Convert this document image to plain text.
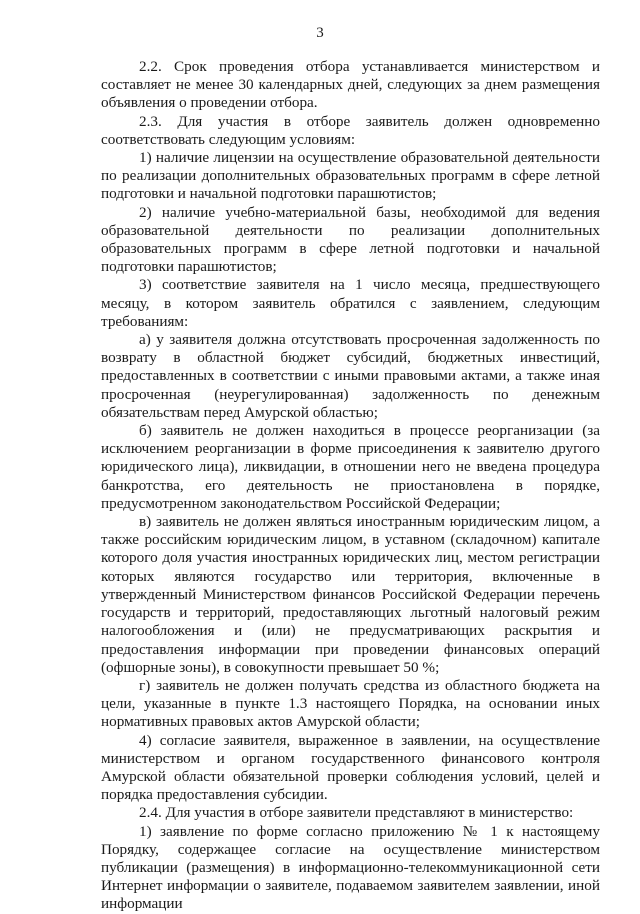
3

2.2. Срок проведения отбора устанавливается министерством и составляет не менее 30 календарных дней, следующих за днем размещения объявления о проведении отбора.

2.3. Для участия в отборе заявитель должен одновременно соответствовать следующим условиям:

1) наличие лицензии на осуществление образовательной деятельности по реализации дополнительных образовательных программ в сфере летной подготовки и начальной подготовки парашютистов;

2) наличие учебно-материальной базы, необходимой для ведения образовательной деятельности по реализации дополнительных образовательных программ в сфере летной подготовки и начальной подготовки парашютистов;

3) соответствие заявителя на 1 число месяца, предшествующего месяцу, в котором заявитель обратился с заявлением, следующим требованиям:

а) у заявителя должна отсутствовать просроченная задолженность по возврату в областной бюджет субсидий, бюджетных инвестиций, предоставленных в соответствии с иными правовыми актами, а также иная просроченная (неурегулированная) задолженность по денежным обязательствам перед Амурской областью;

б) заявитель не должен находиться в процессе реорганизации (за исключением реорганизации в форме присоединения к заявителю другого юридического лица), ликвидации, в отношении него не введена процедура банкротства, его деятельность не приостановлена в порядке, предусмотренном законодательством Российской Федерации;

в) заявитель не должен являться иностранным юридическим лицом, а также российским юридическим лицом, в уставном (складочном) капитале которого доля участия иностранных юридических лиц, местом регистрации которых являются государство или территория, включенные в утвержденный Министерством финансов Российской Федерации перечень государств и территорий, предоставляющих льготный налоговый режим налогообложения и (или) не предусматривающих раскрытия и предоставления информации при проведении финансовых операций (офшорные зоны), в совокупности превышает 50 %;

г) заявитель не должен получать средства из областного бюджета на цели, указанные в пункте 1.3 настоящего Порядка, на основании иных нормативных правовых актов Амурской области;

4) согласие заявителя, выраженное в заявлении, на осуществление министерством и органом государственного финансового контроля Амурской области обязательной проверки соблюдения условий, целей и порядка предоставления субсидии.

2.4. Для участия в отборе заявители представляют в министерство:

1) заявление по форме согласно приложению № 1 к настоящему Порядку, содержащее согласие на осуществление министерством публикации (размещения) в информационно-телекоммуникационной сети Интернет информации о заявителе, подаваемом заявителем заявлении, иной информации
